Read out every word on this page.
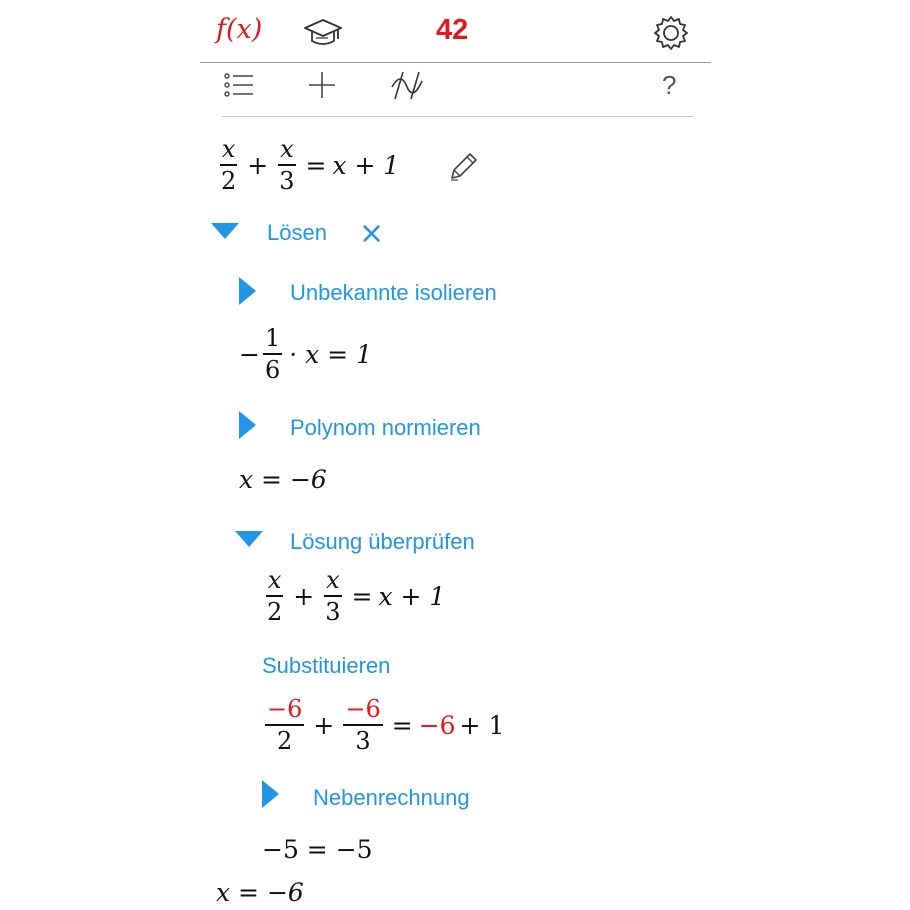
f(x)	42
?
$\frac{x}{2} + \frac{x}{3} = x + 1$
Lösen ×
Unbekannte isolieren
− $\frac{1}{6} \cdot x = 1$
Polynom normieren
x = −6
Lösung überprüfen
$\frac{x}{2} + \frac{x}{3} = x + 1$
Substituieren
$\frac{-6}{2} + \frac{-6}{3} = -6 + 1$
Nebenrechnung
−5 = −5
x = −6
